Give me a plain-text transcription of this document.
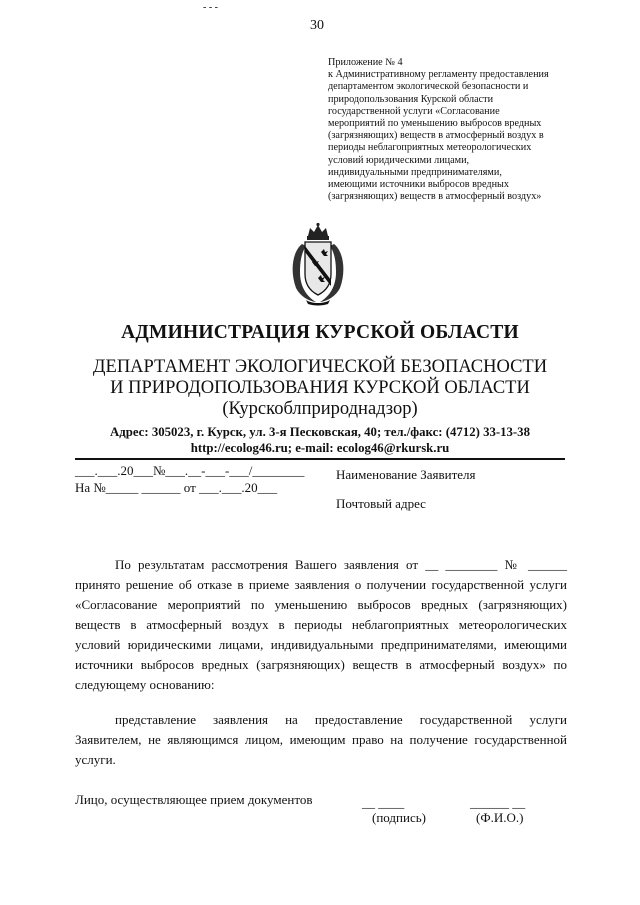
- - -
30
Приложение № 4
к Административному регламенту предоставления
департаментом экологической безопасности и
природопользования Курской области
государственной услуги «Согласование
мероприятий по уменьшению выбросов вредных
(загрязняющих) веществ в атмосферный воздух в
периоды неблагоприятных метеорологических
условий юридическими лицами,
индивидуальными предпринимателями,
имеющими источники выбросов вредных
(загрязняющих) веществ в атмосферный воздух»
АДМИНИСТРАЦИЯ КУРСКОЙ ОБЛАСТИ
ДЕПАРТАМЕНТ ЭКОЛОГИЧЕСКОЙ БЕЗОПАСНОСТИ
И ПРИРОДОПОЛЬЗОВАНИЯ КУРСКОЙ ОБЛАСТИ
(Курскоблприроднадзор)
Адрес: 305023, г. Курск, ул. 3-я Песковская, 40; тел./факс: (4712) 33-13-38
http://ecolog46.ru; e-mail: ecolog46@rkursk.ru
___.___.20___№___.__-___-___/________
На №_____ ______ от ___.___.20___
Наименование Заявителя
Почтовый адрес
По результатам рассмотрения Вашего заявления от __ ________ № ______ принято решение об отказе в приеме заявления о получении государственной услуги «Согласование мероприятий по уменьшению выбросов вредных (загрязняющих) веществ в атмосферный воздух в периоды неблагоприятных метеорологических условий юридическими лицами, индивидуальными предпринимателями, имеющими источники выбросов вредных (загрязняющих) веществ в атмосферный воздух» по следующему основанию:
представление заявления на предоставление государственной услуги Заявителем, не являющимся лицом, имеющим право на получение государственной услуги.
Лицо, осуществляющее прием документов	__ ____	______ __
(подпись)	(Ф.И.О.)
